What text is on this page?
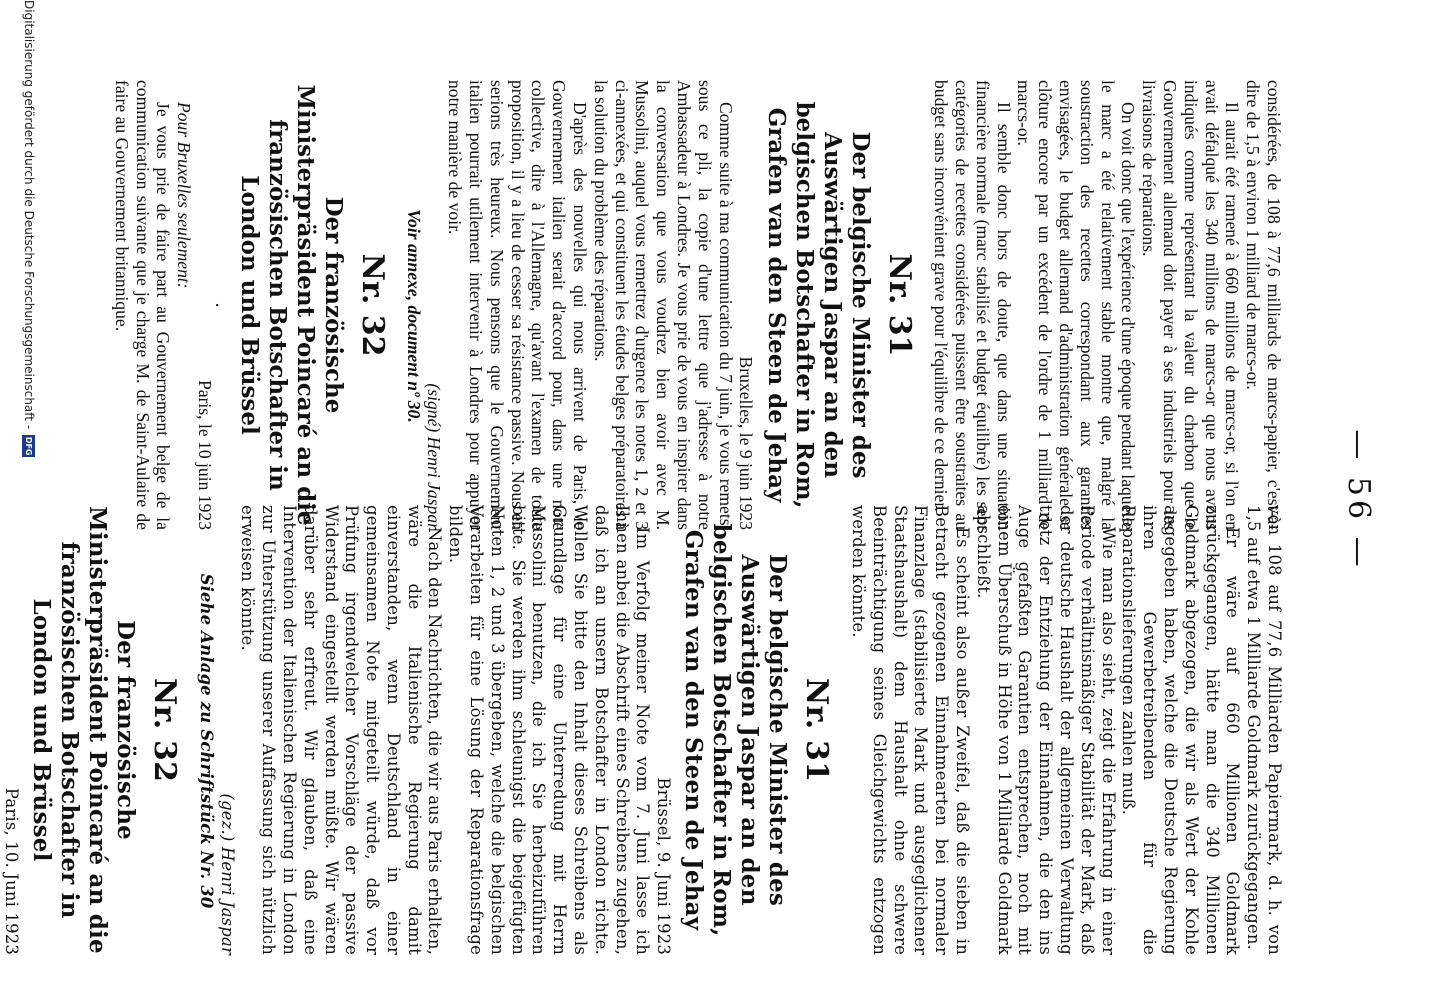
— 56 —

considérées, de 108 à 77,6 milliards de marcs-papier, c'est-à-dire de 1,5 à environ 1 milliard de marcs-or.

Il aurait été ramené à 660 millions de marcs-or, si l'on en avait défalqué les 340 millions de marcs-or que nous avons indiqués comme représentant la valeur du charbon que le Gouvernement allemand doit payer à ses industriels pour les livraisons de réparations.

On voit donc que l'expérience d'une époque pendant laquelle le marc a été relativement stable montre que, malgré la soustraction des recettes correspondant aux garanties envisagées, le budget allemand d'administration générale se clôture encore par un excédent de l'ordre de 1 milliard de marcs-or.

Il semble donc hors de doute, que dans une situation financière normale (marc stabilisé et budget équilibré) les sept catégories de recettes considérées puissent être soustraites au budget sans inconvénient grave pour l'équilibre de ce dernier.

Nr. 31
Der belgische Minister des Auswärtigen Jaspar an den belgischen Botschafter in Rom, Grafen van den Steen de Jehay

Bruxelles, le 9 juin 1923

Comme suite à ma communication du 7 juin, je vous remets, sous ce pli, la copie d'une lettre que j'adresse à notre Ambassadeur à Londres. Je vous prie de vous en inspirer dans la conversation que vous voudrez bien avoir avec M. Mussolini, auquel vous remettrez d'urgence les notes 1, 2 et 3 ci-annexées, et qui constituent les études belges préparatoires à la solution du problème des réparations.

D'après des nouvelles qui nous arrivent de Paris, le Gouvernement italien serait d'accord pour, dans une note collective, dire à l'Allemagne, qu'avant l'examen de toute proposition, il y a lieu de cesser sa résistance passive. Nous en serions très heureux. Nous pensons que le Gouvernement italien pourrait utilement intervenir à Londres pour appuyer notre manière de voir.

(signé) Henri Jaspar

Voir annexe, document nº 30.

Nr. 32
Der französische Ministerpräsident Poincaré an die französischen Botschafter in London und Brüssel
.

Paris, le 10 juin 1923

Pour Bruxelles seulement:

Je vous prie de faire part au Gouvernement belge de la communication suivante que je charge M. de Saint-Aulaire de faire au Gouvernement britannique.

von 108 auf 77,6 Milliarden Papiermark, d. h. von 1,5 auf etwa 1 Milliarde Goldmark zurückgegangen.

Er wäre auf 660 Millionen Goldmark zurückgegangen, hätte man die 340 Millionen Goldmark abgezogen, die wir als Wert der Kohle angegeben haben, welche die Deutsche Regierung ihren Gewerbetreibenden für die Reparationslieferungen zahlen muß.

Wie man also sieht, zeigt die Erfahrung in einer Periode verhältnismäßiger Stabilität der Mark, daß der deutsche Haushalt der allgemeinen Verwaltung trotz der Entziehung der Einnahmen, die den ins Auge gefaßten Garantien entsprechen, noch mit einem Überschuß in Höhe von 1 Milliarde Goldmark abschließt.

Es scheint also außer Zweifel, daß die sieben in Betracht gezogenen Einnahmearten bei normaler Finanzlage (stabilisierte Mark und ausgeglichener Staatshaushalt) dem Haushalt ohne schwere Beeinträchtigung seines Gleichgewichts entzogen werden könnte.

Nr. 31
Der belgische Minister des Auswärtigen Jaspar an den belgischen Botschafter in Rom, Grafen van den Steen de Jehay

Brüssel, 9. Juni 1923

Im Verfolg meiner Note vom 7. Juni lasse ich Ihnen anbei die Abschrift eines Schreibens zugehen, daß ich an unsern Botschafter in London richte. Wollen Sie bitte den Inhalt dieses Schreibens als Grundlage für eine Unterredung mit Herrn Mussolini benutzen, die ich Sie herbeizuführen bitte. Sie werden ihm schleunigst die beigefügten Noten 1, 2 und 3 übergeben, welche die belgischen Vorarbeiten für eine Lösung der Reparationsfrage bilden.

Nach den Nachrichten, die wir aus Paris erhalten, wäre die Italienische Regierung damit einverstanden, wenn Deutschland in einer gemeinsamen Note mitgeteilt würde, daß vor Prüfung irgendwelcher Vorschläge der passive Widerstand eingestellt werden müßte. Wir wären darüber sehr erfreut. Wir glauben, daß eine Intervention der Italienischen Regierung in London zur Unterstützung unserer Auffassung sich nützlich erweisen könnte.

(gez.) Henri Jaspar

Siehe Anlage zu Schriftstück Nr. 30

Nr. 32
Der französische Ministerpräsident Poincaré an die französischen Botschafter in London und Brüssel

Paris, 10. Juni 1923

Digitalisierung gefördert durch die Deutsche Forschungsgemeinschaft -
DFG
